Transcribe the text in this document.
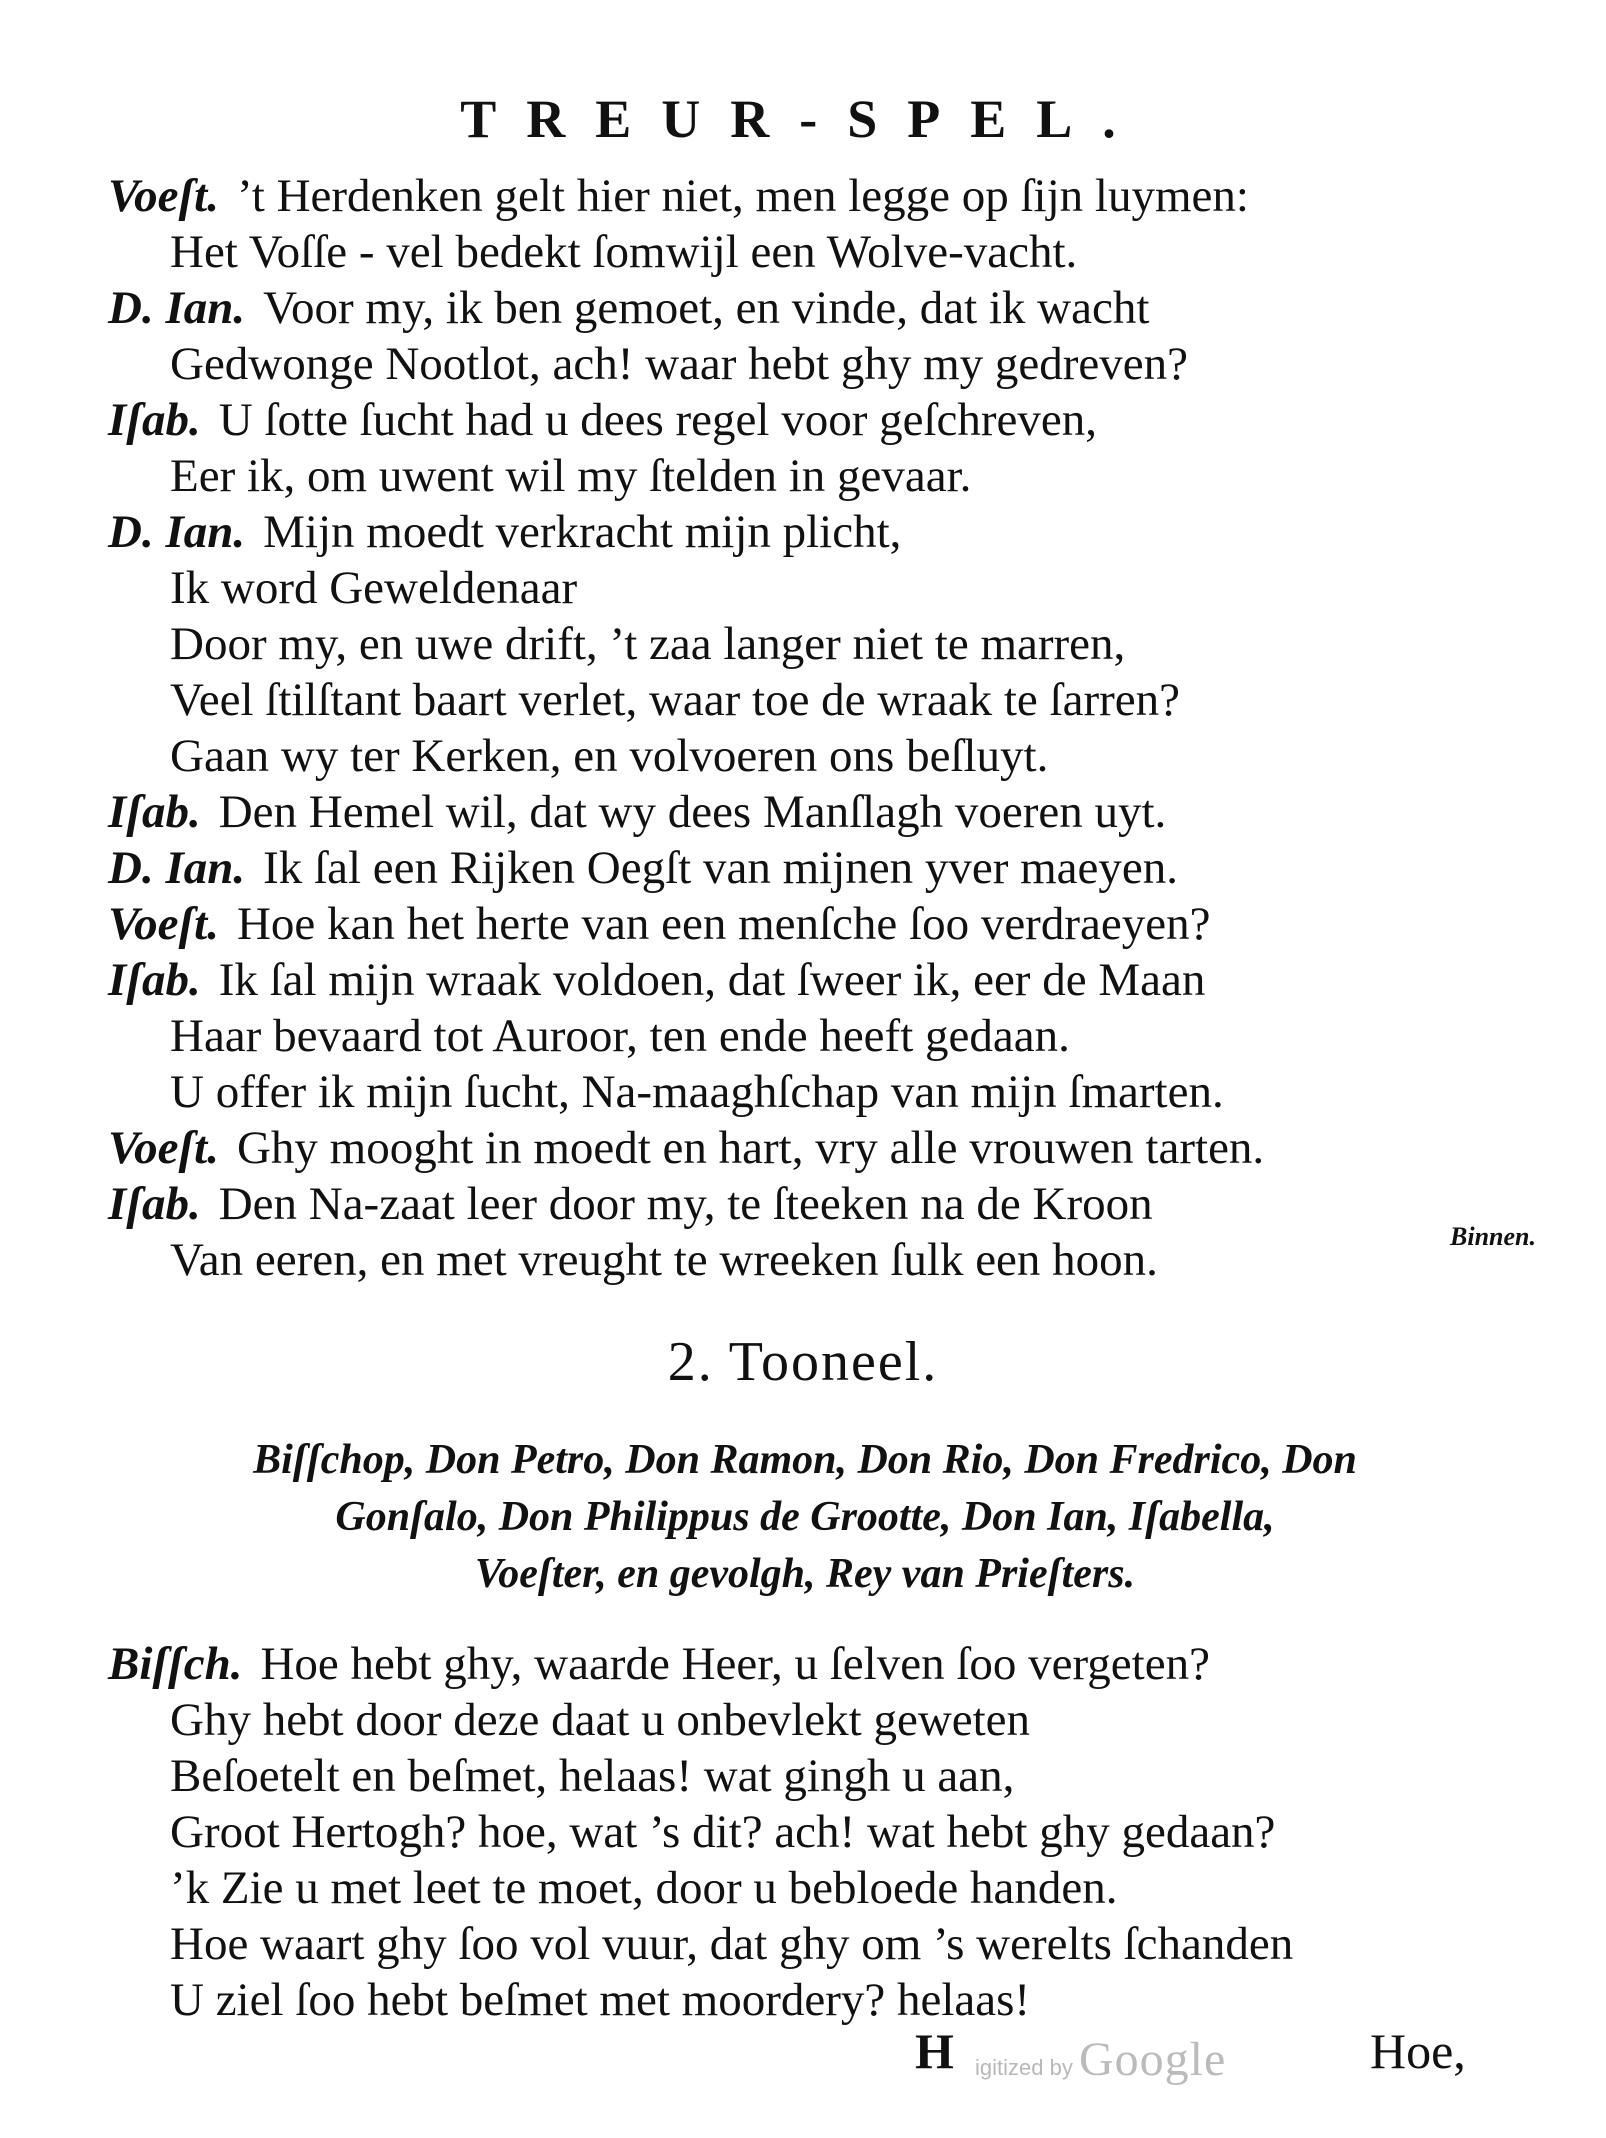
TREUR-SPEL.
Voeſt. ’t Herdenken gelt hier niet, men legge op ſijn luymen:
Het Voſſe - vel bedekt ſomwijl een Wolve-vacht.
D. Ian. Voor my, ik ben gemoet, en vinde, dat ik wacht
Gedwonge Nootlot, ach! waar hebt ghy my gedreven?
Iſab. U ſotte ſucht had u dees regel voor geſchreven,
Eer ik, om uwent wil my ſtelden in gevaar.
D. Ian. Mijn moedt verkracht mijn plicht,
Ik word Geweldenaar
Door my, en uwe drift, ’t zaa langer niet te marren,
Veel ſtilſtant baart verlet, waar toe de wraak te ſarren?
Gaan wy ter Kerken, en volvoeren ons beſluyt.
Iſab. Den Hemel wil, dat wy dees Manſlagh voeren uyt.
D. Ian. Ik ſal een Rijken Oegſt van mijnen yver maeyen.
Voeſt. Hoe kan het herte van een menſche ſoo verdraeyen?
Iſab. Ik ſal mijn wraak voldoen, dat ſweer ik, eer de Maan
Haar bevaard tot Auroor, ten ende heeft gedaan.
U offer ik mijn ſucht, Na-maaghſchap van mijn ſmarten.
Voeſt. Ghy mooght in moedt en hart, vry alle vrouwen tarten.
Iſab. Den Na-zaat leer door my, te ſteeken na de Kroon
Van eeren, en met vreught te wreeken ſulk een hoon.	Binnen.
2. Tooneel.
Biſſchop, Don Petro, Don Ramon, Don Rio, Don Fredrico, Don
Gonſalo, Don Philippus de Grootte, Don Ian, Iſabella,
Voeſter, en gevolgh, Rey van Prieſters.
Biſſch. Hoe hebt ghy, waarde Heer, u ſelven ſoo vergeten?
Ghy hebt door deze daat u onbevlekt geweten
Beſoetelt en beſmet, helaas! wat gingh u aan,
Groot Hertogh? hoe, wat ’s dit? ach! wat hebt ghy gedaan?
’k Zie u met leet te moet, door u bebloede handen.
Hoe waart ghy ſoo vol vuur, dat ghy om ’s werelts ſchanden
U ziel ſoo hebt beſmet met moordery? helaas!
H igitized by Google	Hoe,
